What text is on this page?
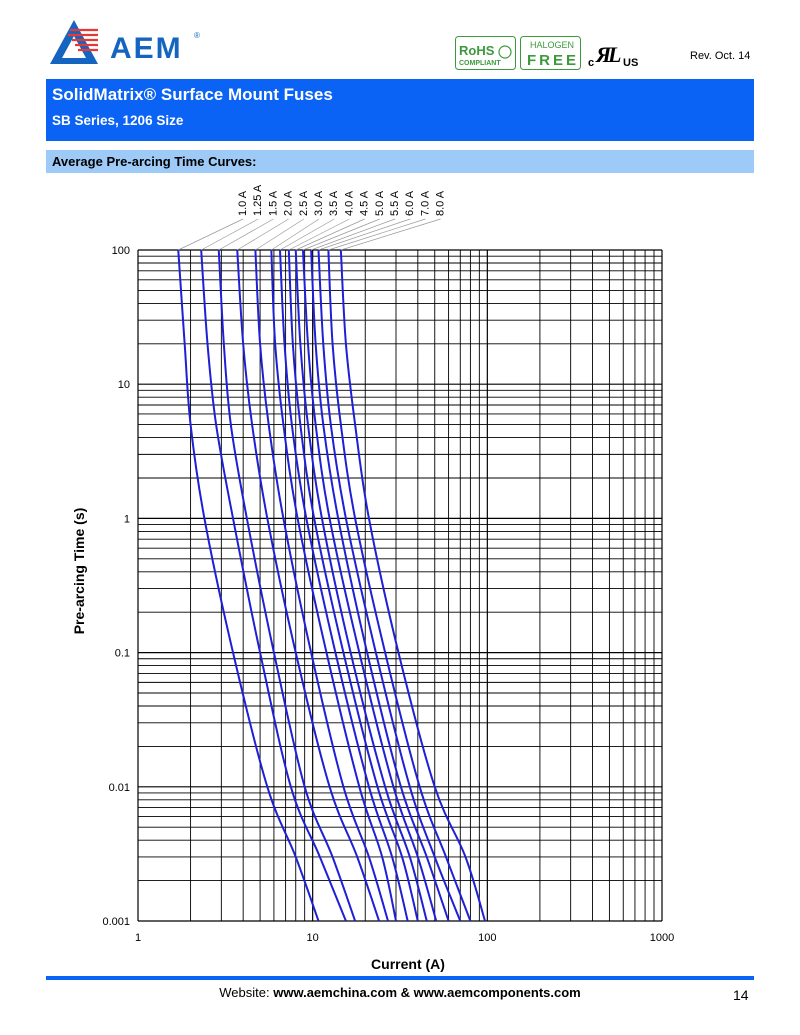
AEM ®
RoHS
COMPLIANT
HALOGEN
FREE c Я
L US
Rev. Oct. 14
SolidMatrix® Surface Mount Fuses
SB Series, 1206 Size
Average Pre-arcing Time Curves:
1	10	100	1000
0.001
0.01
0.1
1
10
100
1.0 A 1.25 A 1.5 A 2.0 A 2.5 A 3.0 A 3.5 A 4.0 A 4.5 A 5.0 A 5.5 A 6.0 A 7.0 A 8.0 A
Current (A)
Pre-arcing Time (s)
Website: www.aemchina.com & www.aemcomponents.com	14
